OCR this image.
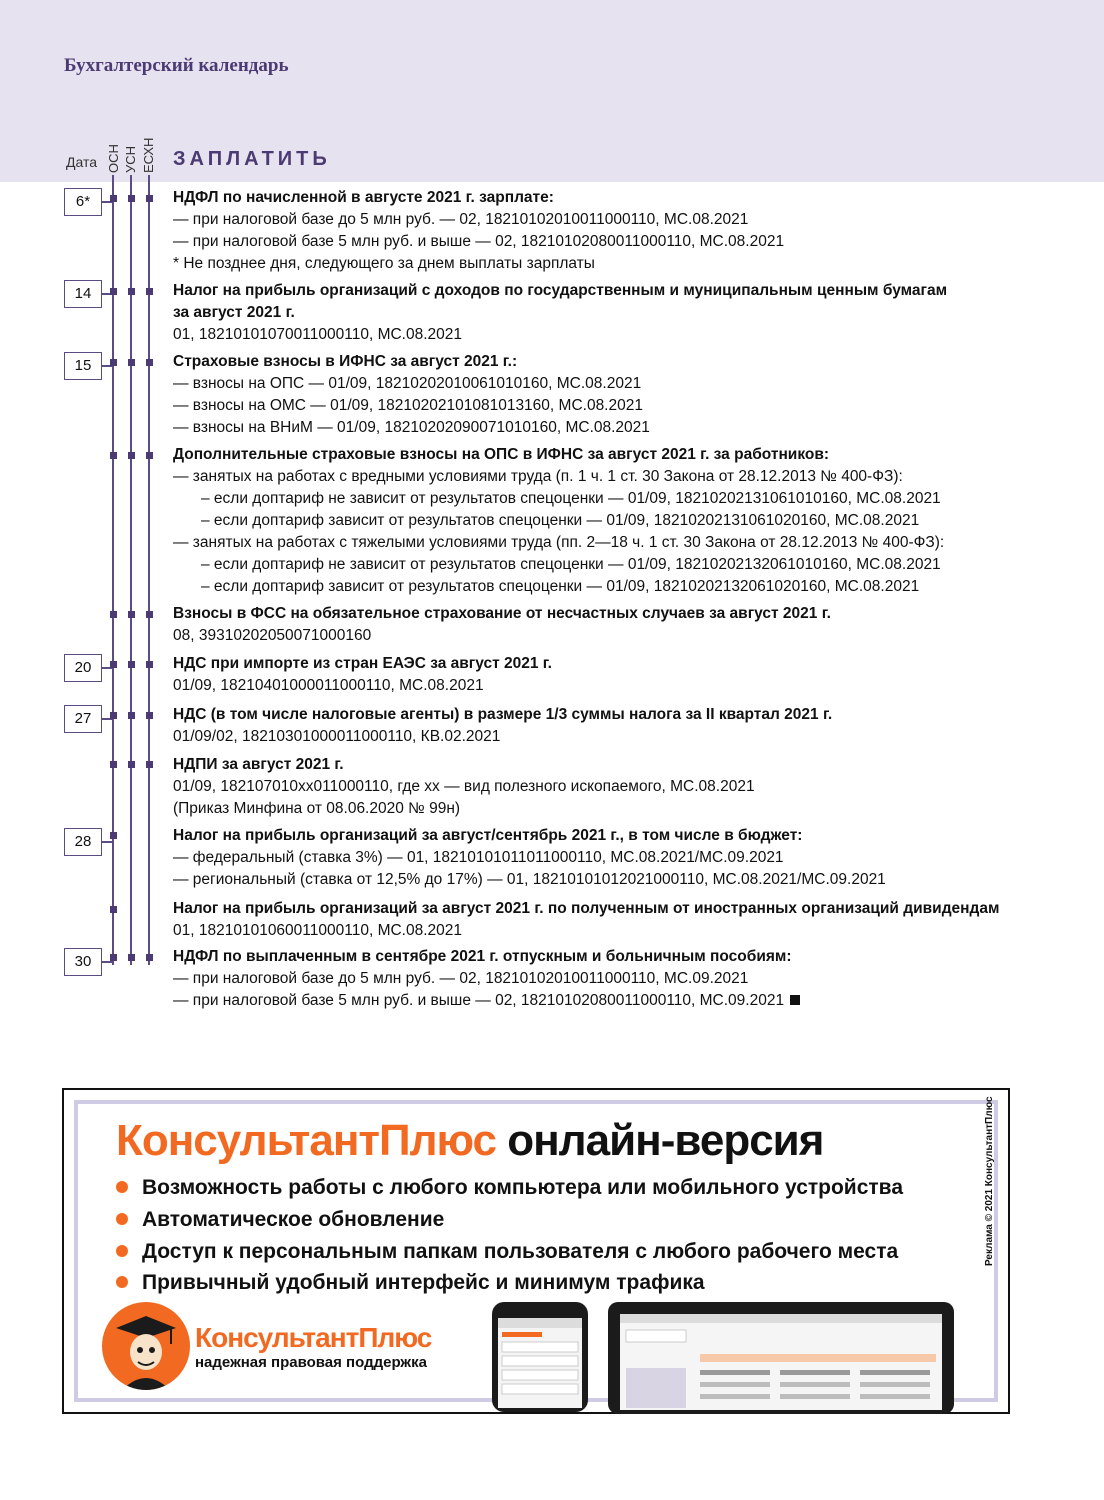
Бухгалтерский календарь
Дата ОСН УСН ЕСХН ЗАПЛАТИТЬ
6*
14
15
20
27
28
30
НДФЛ по начисленной в августе 2021 г. зарплате:
— при налоговой базе до 5 млн руб. — 02, 18210102010011000110, МС.08.2021
— при налоговой базе 5 млн руб. и выше — 02, 18210102080011000110, МС.08.2021
* Не позднее дня, следующего за днем выплаты зарплаты
Налог на прибыль организаций с доходов по государственным и муниципальным ценным бумагам
за август 2021 г.
01, 18210101070011000110, МС.08.2021
Страховые взносы в ИФНС за август 2021 г.:
— взносы на ОПС — 01/09, 18210202010061010160, МС.08.2021
— взносы на ОМС — 01/09, 18210202101081013160, МС.08.2021
— взносы на ВНиМ — 01/09, 18210202090071010160, МС.08.2021
Дополнительные страховые взносы на ОПС в ИФНС за август 2021 г. за работников:
— занятых на работах с вредными условиями труда (п. 1 ч. 1 ст. 30 Закона от 28.12.2013 № 400-ФЗ):
– если доптариф не зависит от результатов спецоценки — 01/09, 18210202131061010160, МС.08.2021
– если доптариф зависит от результатов спецоценки — 01/09, 18210202131061020160, МС.08.2021
— занятых на работах с тяжелыми условиями труда (пп. 2—18 ч. 1 ст. 30 Закона от 28.12.2013 № 400-ФЗ):
– если доптариф не зависит от результатов спецоценки — 01/09, 18210202132061010160, МС.08.2021
– если доптариф зависит от результатов спецоценки — 01/09, 18210202132061020160, МС.08.2021
Взносы в ФСС на обязательное страхование от несчастных случаев за август 2021 г.
08, 39310202050071000160
НДС при импорте из стран ЕАЭС за август 2021 г.
01/09, 18210401000011000110, МС.08.2021
НДС (в том числе налоговые агенты) в размере 1/3 суммы налога за II квартал 2021 г.
01/09/02, 18210301000011000110, КВ.02.2021
НДПИ за август 2021 г.
01/09, 182107010xx011000110, где хх — вид полезного ископаемого, МС.08.2021
(Приказ Минфина от 08.06.2020 № 99н)
Налог на прибыль организаций за август/сентябрь 2021 г., в том числе в бюджет:
— федеральный (ставка 3%) — 01, 18210101011011000110, МС.08.2021/МС.09.2021
— региональный (ставка от 12,5% до 17%) — 01, 18210101012021000110, МС.08.2021/МС.09.2021
Налог на прибыль организаций за август 2021 г. по полученным от иностранных организаций дивидендам
01, 18210101060011000110, МС.08.2021
НДФЛ по выплаченным в сентябре 2021 г. отпускным и больничным пособиям:
— при налоговой базе до 5 млн руб. — 02, 18210102010011000110, МС.09.2021
— при налоговой базе 5 млн руб. и выше — 02, 18210102080011000110, МС.09.2021
КонсультантПлюс онлайн-версия
Возможность работы с любого компьютера или мобильного устройства
Автоматическое обновление
Доступ к персональным папкам пользователя с любого рабочего места
Привычный удобный интерфейс и минимум трафика
КонсультантПлюс
надежная правовая поддержка
Реклама © 2021 КонсультантПлюс
